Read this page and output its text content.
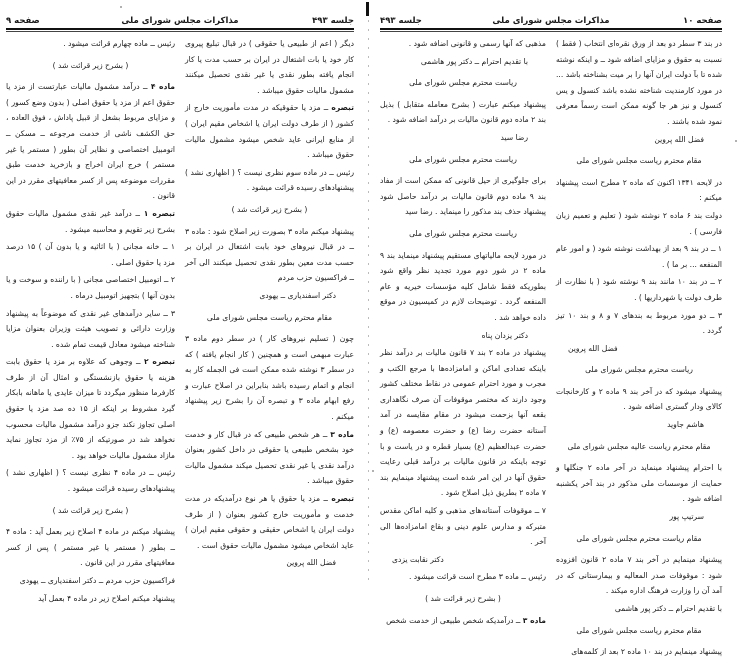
جلسه ۴۹۳
مذاکرات مجلس شورای ملی
صفحه ۹

دیگر ( اعم از طبیعی یا حقوقی ) در قبال تبلیغ پیروی کار خود یا بات اشتغال در ایران بر حسب مدت یا کار انجام یافته بطور نقدی یا غیر نقدی تحصیل میکنند مشمول مالیات حقوق میباشد .

تبصره ــ مزد یا حقوقیکه در مدت مأموریت خارج از کشور ( از طرف دولت ایران یا اشخاص مقیم ایران ) از منابع ایرانی عاید شخص میشود مشمول مالیات حقوق میباشد .

رئیس ــ در ماده سوم نظری نیست ؟ ( اظهاری نشد ) پیشنهادهای رسیده قرائت میشود .

( بشرح زیر قرائت شد )

پیشنهاد میکنم ماده ۳ بصورت زیر اصلاح شود : ماده ۳ ــ در قبال نیروهای خود بابت اشتغال در ایران بر حسب مدت معین بطور نقدی تحصیل میکنند الی آخر ــ فراکسیون حزب مردم

دکتر اسفندیاری ــ یهودی

مقام محترم ریاست مجلس شورای ملی

چون ( تسلیم نیروهای کار ) در سطر دوم ماده ۳ عبارت مبهمی است و همچنین ( کار انجام یافته ) که در سطر ۳ نوشته شده ممکن است فی الجمله کار به انجام و اتمام رسیده باشد بنابراین در اصلاح عبارت و رفع ابهام ماده ۳ و تبصره آن را بشرح زیر پیشنهاد میکنم .

ماده ۳ ــ هر شخص طبیعی که در قبال کار و خدمت خود بشخص طبیعی یا حقوقی در داخل کشور بعنوان درآمد نقدی یا غیر نقدی تحصیل میکند مشمول مالیات حقوق میباشد .

تبصره ــ مزد یا حقوق یا هر نوع درآمدیکه در مدت خدمت و مأموریت خارج کشور بعنوان ( از طرف دولت ایران یا اشخاص حقیقی و حقوقی مقیم ایران ) عاید اشخاص میشود مشمول مالیات حقوق است .

فضل الله پروین

رئیس ــ ماده چهارم قرائت میشود .

( بشرح زیر قرائت شد )

ماده ۴ ــ درآمد مشمول مالیات عبارتست از مزد یا حقوق اعم از مزد یا حقوق اصلی ( بدون وضع کسور ) و مزایای مربوط بشغل از قبیل پاداش ، فوق العاده ، حق الکشف ناشی از خدمت مرجوعه ــ مسکن ــ اتومبیل اختصاصی و نظایر آن بطور ( مستمر یا غیر مستمر ) خرج ایران اخراج و بازخرید خدمت طبق مقررات موضوعه پس از کسر معافیتهای مقرر در این قانون .

تبصره ۱ ــ درآمد غیر نقدی مشمول مالیات حقوق بشرح زیر تقویم و محاسبه میشود .

۱ ــ خانه مجانی ( با اثاثیه و یا بدون آن ) ۱۵ درصد مزد یا حقوق اصلی .

۲ ــ اتومبیل اختصاصی مجانی ( با راننده و سوخت و یا بدون آنها ) بتجهیز اتومبیل درماه .

۳ ــ سایر درآمدهای غیر نقدی که موضوعاً به پیشنهاد وزارت دارائی و تصویب هیئت وزیران بعنوان مزایا شناخته میشود معادل قیمت تمام شده .

تبصره ۲ ــ وجوهی که علاوه بر مزد یا حقوق بابت هزینه یا حقوق بازنشستگی و امثال آن از طرف کارفرما منظور میگردد تا میزان عایدی یا ماهانه بابکار گیرد مشروط بر اینکه از ۱۵ ده صد مزد یا حقوق اصلی تجاوز نکند جزو درآمد مشمول مالیات محسوب نخواهد شد در صورتیکه از ۷۵٪ از مزد تجاوز نماید مازاد مشمول مالیات خواهد بود .

رئیس ــ در ماده ۴ نظری نیست ؟ ( اظهاری نشد ) پیشنهادهای رسیده قرائت میشود .

( بشرح زیر قرائت شد )

پیشنهاد میکنم در ماده ۴ اصلاح زیر بعمل آید : ماده ۴ ــ بطور ( مستمر یا غیر مستمر ) پس از کسر معافیتهای مقرر در این قانون .

فراکسیون حزب مردم ــ دکتر اسفندیاری ــ یهودی

پیشنهاد میکنم اصلاح زیر در ماده ۴ بعمل آید

صفحه ۱۰
مذاکرات مجلس شورای ملی
جلسه ۴۹۳

در بند ۳ سطر دو بعد از ورق نقره‌ای انتخاب ( فقط ) نسبت به حقوق و مزایای اضافه شود ــ و اینکه نوشته شده تا بآ دولت ایران آنها را بر میت بشناخته باشد ... در مورد کارمندیت شناخته نشده باشد کنسول و یس کنسول و نیز هر جا گونه ممکن است رسماً معرفی نمود شده باشند .

فضل الله پروین

مقام محترم ریاست مجلس شورای ملی

در لایحه ۱۳۴۱ اکنون که ماده ۲ مطرح است پیشنهاد میکنم :

دولت بند ۶ ماده ۲ نوشته شود ( تعلیم و تعمیم زبان فارسی ) .

۱ ــ در بند ۹ بعد از بهداشت نوشته شود ( و امور عام المنفعه ... بر ما ) .

۲ ــ در بند ۱۰ مانند بند ۹ نوشته شود ( با نظارت از طرف دولت یا شهرداریها ) .

۳ ــ دو مورد مربوط به بندهای ۷ و ۸ و بند ۱۰ تیز گردد .

فضل الله پروین

ریاست محترم مجلس شورای ملی

پیشنهاد میشود که در آخر بند ۹ ماده ۲ و کارخانجات کالای ودار گستری اضافه شود .

هاشم جاوید

مقام محترم ریاست عالیه مجلس شورای ملی

با احترام پیشنهاد مینماید در آخر ماده ۲ جنگلها و حمایت از موسسات ملی مذکور در بند آخر یکشنبه اضافه شود .

سرتیپ پور

مقام ریاست محترم مجلس شورای ملی

پیشنهاد مینمایم در آخر بند ۷ ماده ۲ قانون افزوده شود : موقوفات صدر المعالیه و بیمارستانی که در آمد آن را وزارت فرهنگ اداره میکند .

با تقدیم احترام ــ دکتر پور هاشمی

مقام محترم ریاست مجلس شورای ملی

پیشنهاد مینمایم در بند ۱۰ ماده ۲ بعد از کلمه‌های

مذهبی که آنها رسمی و قانونی اضافه شود .

با تقدیم احترام ــ دکتر پور هاشمی

ریاست محترم مجلس شورای ملی

پیشنهاد میکنم عبارت ( بشرح معامله متقابل ) بذیل بند ۲ ماده دوم قانون مالیات بر درآمد اضافه شود .

رضا سید

ریاست محترم مجلس شورای ملی

برای جلوگیری از حیل قانونی که ممکن است از مفاد بند ۹ ماده دوم قانون مالیات بر درآمد حاصل شود پیشنهاد حذف بند مذکور را مینماید . رضا سید

ریاست محترم مجلس شورای ملی

در مورد لایحه مالیاتهای مستقیم پیشنهاد مینماید بند ۹ ماده ۲ در شور دوم مورد تجدید نظر واقع شود بطوریکه فقط شامل کلیه مؤسسات خیریه و عام المنفعه گردد . توضیحات لازم در کمیسیون در موقع داده خواهد شد .

دکتر یزدان پناه

پیشنهاد در ماده ۲ بند ۷ قانون مالیات بر درآمد نظر باینکه تعدادی اماکن و امامزاده‌ها با مرجع الکتب و مجرب و مورد احترام عمومی در نقاط مختلف کشور وجود دارند که مختصر موقوفات آن صرف نگاهداری بقعه آنها بزحمت میشود در مقام مقایسه در آمد آستانه حضرت رضا (ع) و حضرت معصومه (ع) و حضرت عبدالعظیم (ع) بسیار قطره و در یاست و با توجه باینکه در قانون مالیات بر درآمد قبلی رعایت حقوق آنها در این امر شده است پیشنهاد مینمایم بند ۷ ماده ۲ بطریق ذیل اصلاح شود .

۷ ــ موقوفات آستانه‌های مذهبی و کلیه اماکن مقدس متبرکه و مدارس علوم دینی و بقاع امامزاده‌ها الی آخر .

دکتر نقابت یزدی

رئیس ــ ماده ۳ مطرح است قرائت میشود .

( بشرح زیر قرائت شد )

ماده ۳ ــ درآمدیکه شخص طبیعی از خدمت شخص
